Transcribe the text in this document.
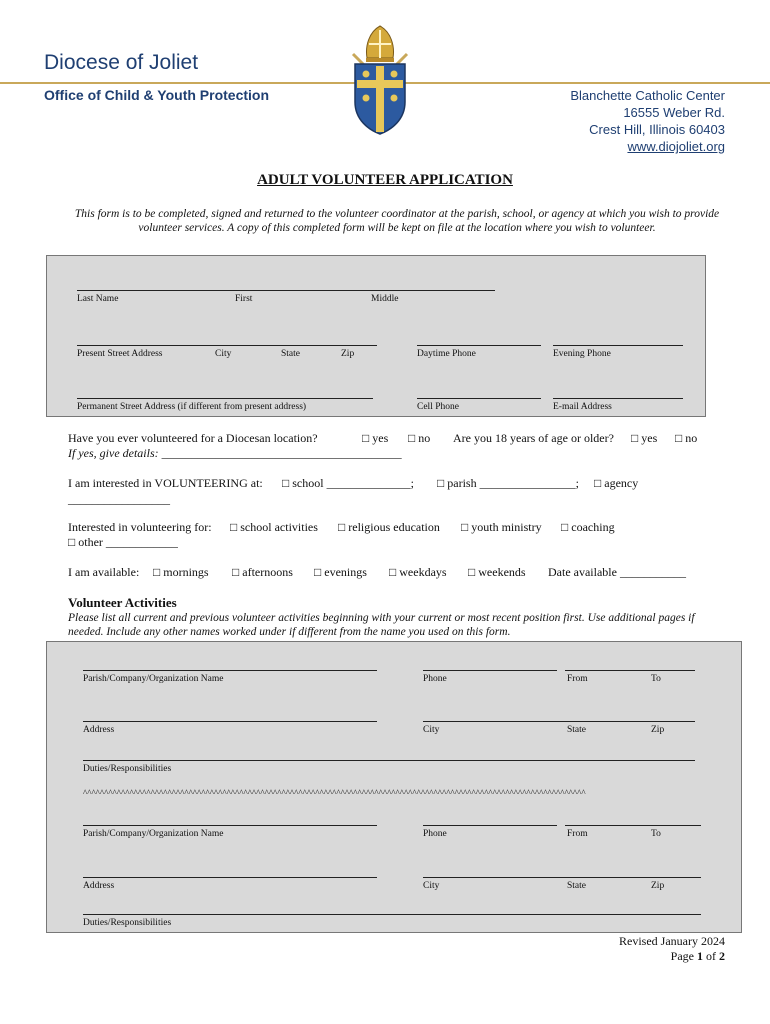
Diocese of Joliet
Office of Child & Youth Protection	Blanchette Catholic Center
16555 Weber Rd.
Crest Hill, Illinois 60403
www.diojoliet.org
ADULT VOLUNTEER APPLICATION
This form is to be completed, signed and returned to the volunteer coordinator at the parish, school, or agency at which you wish to provide volunteer services. A copy of this completed form will be kept on file at the location where you wish to volunteer.
Last Name	First	Middle
Present Street Address	City	State	Zip	Daytime Phone	Evening Phone
Permanent Street Address (if different from present address)	Cell Phone	E-mail Address
Have you ever volunteered for a Diocesan location?	□ yes □ no Are you 18 years of age or older? □ yes □ no
If yes, give details: ________________________________________
I am interested in VOLUNTEERING at: □ school ______________; □ parish ________________; □ agency
_________________
Interested in volunteering for: □ school activities □ religious education □ youth ministry □ coaching
□ other ____________
I am available: □ mornings □ afternoons □ evenings □ weekdays □ weekends Date available ___________
Volunteer Activities
Please list all current and previous volunteer activities beginning with your current or most recent position first. Use additional pages if needed. Include any other names worked under if different from the name you used on this form.
Parish/Company/Organization Name	Phone	From	To
Address	City	State	Zip
Duties/Responsibilities
^^^^^^^^^^^^^^^^^^^^^^^^^^^^^^^^^^^^^^^^^^^^^^^^^^^^^^^^^^^^^^^^^^^^^^^^^^^^^^^^^^^^^^^^^^^^^^^^^^^^^^^^^^^^^^^^^^^^^^^
Parish/Company/Organization Name	Phone	From	To
Address	City	State	Zip
Duties/Responsibilities
Revised January 2024
Page 1 of 2
